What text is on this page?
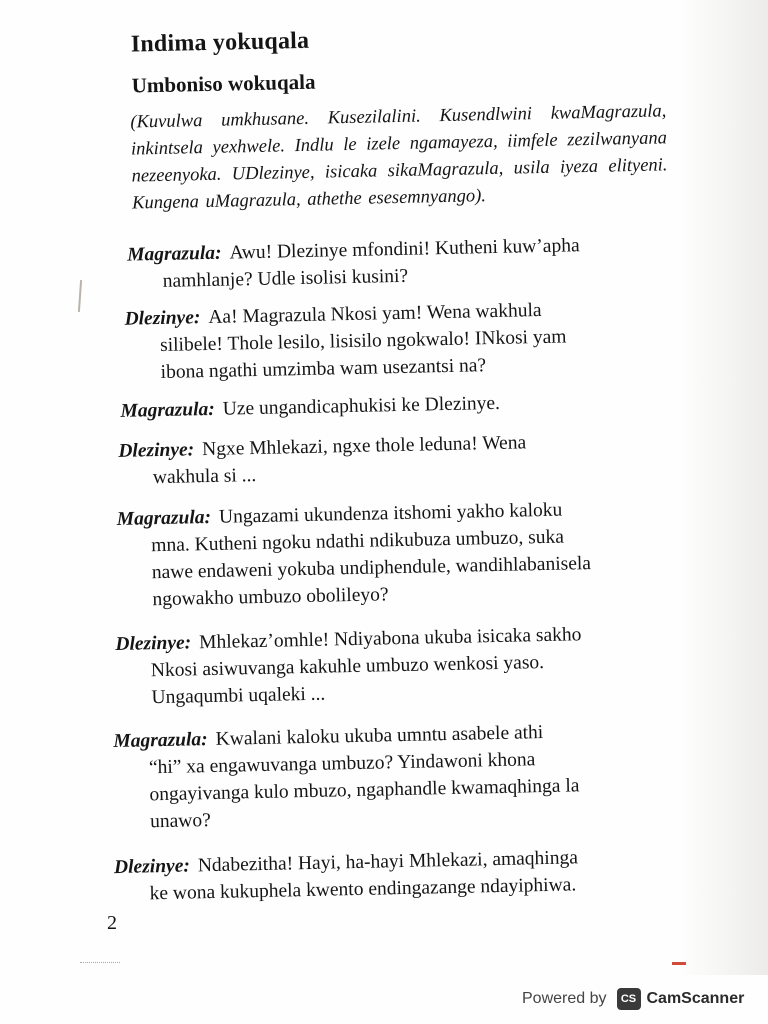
Indima yokuqala
Umboniso wokuqala
(Kuvulwa umkhusane. Kusezilalini. Kusendlwini kwaMagrazula, inkintsela yexhwele. Indlu le izele ngamayeza, iimfele zezilwanyana nezeenyoka. UDlezinye, isicaka sikaMagrazula, usila iyeza elityeni. Kungena uMagrazula, athethe esesemnyango).
Magrazula: Awu! Dlezinye mfondini! Kutheni kuw’apha
namhlanje? Udle isolisi kusini?
Dlezinye: Aa! Magrazula Nkosi yam! Wena wakhula
silibele! Thole lesilo, lisisilo ngokwalo! INkosi yam
ibona ngathi umzimba wam usezantsi na?
Magrazula: Uze ungandicaphukisi ke Dlezinye.
Dlezinye: Ngxe Mhlekazi, ngxe thole leduna! Wena
wakhula si ...
Magrazula: Ungazami ukundenza itshomi yakho kaloku
mna. Kutheni ngoku ndathi ndikubuza umbuzo, suka
nawe endaweni yokuba undiphendule, wandihlabanisela
ngowakho umbuzo obolileyo?
Dlezinye: Mhlekaz’omhle! Ndiyabona ukuba isicaka sakho
Nkosi asiwuvanga kakuhle umbuzo wenkosi yaso.
Ungaqumbi uqaleki ...
Magrazula: Kwalani kaloku ukuba umntu asabele athi
“hi” xa engawuvanga umbuzo? Yindawoni khona
ongayivanga kulo mbuzo, ngaphandle kwamaqhinga la
unawo?
Dlezinye: Ndabezitha! Hayi, ha-hayi Mhlekazi, amaqhinga
ke wona kukuphela kwento endingazange ndayiphiwa.
2
Powered by	CS CamScanner
